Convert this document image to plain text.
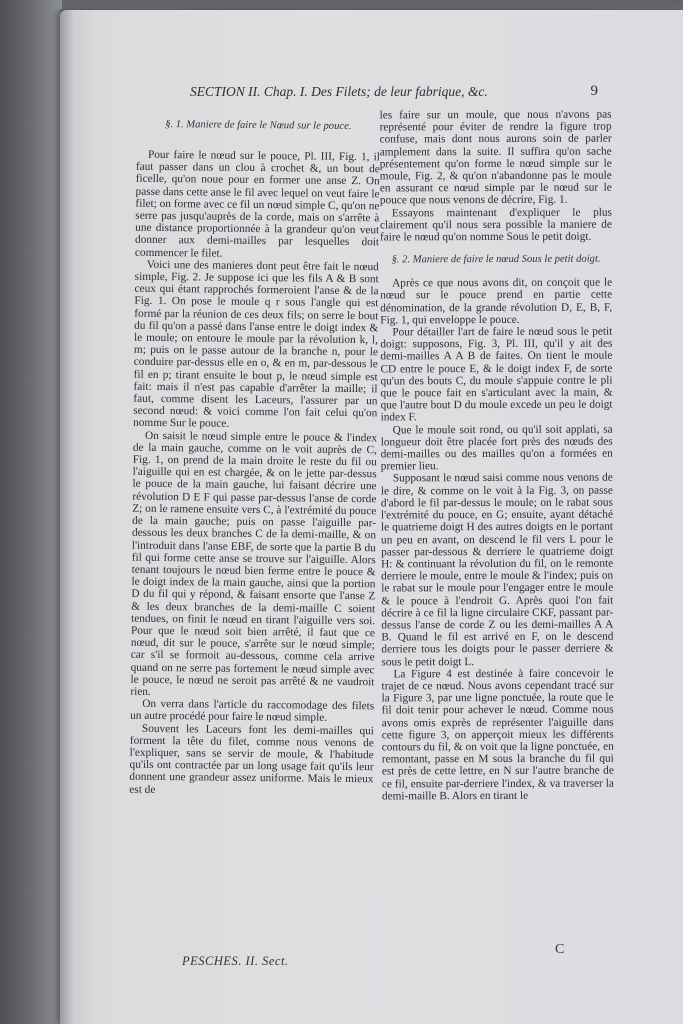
SECTION II. Chap. I. Des Filets; de leur fabrique, &c.	9
§. 1. Maniere de faire le Nœud sur le pouce.

Pour faire le nœud sur le pouce, Pl. III, Fig. 1, il faut passer dans un clou à crochet &, un bout de ficelle, qu'on noue pour en former une anse Z. On passe dans cette anse le fil avec lequel on veut faire le filet; on forme avec ce fil un nœud simple C, qu'on ne serre pas jusqu'auprès de la corde, mais on s'arrête à une distance proportionnée à la grandeur qu'on veut donner aux demi-mailles par lesquelles doit commencer le filet.

Voici une des manieres dont peut être fait le nœud simple, Fig. 2. Je suppose ici que les fils A & B sont ceux qui étant rapprochés formeroient l'anse & de la Fig. 1. On pose le moule q r sous l'angle qui est formé par la réunion de ces deux fils; on serre le bout du fil qu'on a passé dans l'anse entre le doigt index & le moule; on entoure le moule par la révolution k, l, m; puis on le passe autour de la branche n, pour le conduire par-dessus elle en o, & en m, par-dessous le fil en p; tirant ensuite le bout p, le nœud simple est fait: mais il n'est pas capable d'arrêter la maille; il faut, comme disent les Laceurs, l'assurer par un second nœud: & voici comme l'on fait celui qu'on nomme Sur le pouce.

On saisit le nœud simple entre le pouce & l'index de la main gauche, comme on le voit auprès de C, Fig. 1, on prend de la main droite le reste du fil ou l'aiguille qui en est chargée, & on le jette par-dessus le pouce de la main gauche, lui faisant décrire une révolution D E F qui passe par-dessus l'anse de corde Z; on le ramene ensuite vers C, à l'extrémité du pouce de la main gauche; puis on passe l'aiguille par-dessous les deux branches C de la demi-maille, & on l'introduit dans l'anse EBF, de sorte que la partie B du fil qui forme cette anse se trouve sur l'aiguille. Alors tenant toujours le nœud bien ferme entre le pouce & le doigt index de la main gauche, ainsi que la portion D du fil qui y répond, & faisant ensorte que l'anse Z & les deux branches de la demi-maille C soient tendues, on finit le nœud en tirant l'aiguille vers soi. Pour que le nœud soit bien arrêté, il faut que ce nœud, dit sur le pouce, s'arrête sur le nœud simple; car s'il se formoit au-dessous, comme cela arrive quand on ne serre pas fortement le nœud simple avec le pouce, le nœud ne seroit pas arrêté & ne vaudroit rien.

On verra dans l'article du raccomodage des filets un autre procédé pour faire le nœud simple.

Souvent les Laceurs font les demi-mailles qui forment la tête du filet, comme nous venons de l'expliquer, sans se servir de moule, & l'habitude qu'ils ont contractée par un long usage fait qu'ils leur donnent une grandeur assez uniforme. Mais le mieux est de

les faire sur un moule, que nous n'avons pas représenté pour éviter de rendre la figure trop confuse, mais dont nous aurons soin de parler amplement dans la suite. Il suffira qu'on sache présentement qu'on forme le nœud simple sur le moule, Fig. 2, & qu'on n'abandonne pas le moule en assurant ce nœud simple par le nœud sur le pouce que nous venons de décrire, Fig. 1.

Essayons maintenant d'expliquer le plus clairement qu'il nous sera possible la maniere de faire le nœud qu'on nomme Sous le petit doigt.

§. 2. Maniere de faire le nœud Sous le petit doigt.

Après ce que nous avons dit, on conçoit que le nœud sur le pouce prend en partie cette dénomination, de la grande révolution D, E, B, F, Fig. 1, qui enveloppe le pouce.

Pour détailler l'art de faire le nœud sous le petit doigt: supposons, Fig. 3, Pl. III, qu'il y ait des demi-mailles A A B de faites. On tient le moule CD entre le pouce E, & le doigt index F, de sorte qu'un des bouts C, du moule s'appuie contre le pli que le pouce fait en s'articulant avec la main, & que l'autre bout D du moule excede un peu le doigt index F.

Que le moule soit rond, ou qu'il soit applati, sa longueur doit être placée fort près des nœuds des demi-mailles ou des mailles qu'on a formées en premier lieu.

Supposant le nœud saisi comme nous venons de le dire, & comme on le voit à la Fig. 3, on passe d'abord le fil par-dessus le moule; on le rabat sous l'extrémité du pouce, en G; ensuite, ayant détaché le quatrieme doigt H des autres doigts en le portant un peu en avant, on descend le fil vers L pour le passer par-dessous & derriere le quatrieme doigt H: & continuant la révolution du fil, on le remonte derriere le moule, entre le moule & l'index; puis on le rabat sur le moule pour l'engager entre le moule & le pouce à l'endroit G. Après quoi l'on fait décrire à ce fil la ligne circulaire CKF, passant par-dessus l'anse de corde Z ou les demi-mailles A A B. Quand le fil est arrivé en F, on le descend derriere tous les doigts pour le passer derriere & sous le petit doigt L.

La Figure 4 est destinée à faire concevoir le trajet de ce nœud. Nous avons cependant tracé sur la Figure 3, par une ligne ponctuée, la route que le fil doit tenir pour achever le nœud. Comme nous avons omis exprès de représenter l'aiguille dans cette figure 3, on apperçoit mieux les différents contours du fil, & on voit que la ligne ponctuée, en remontant, passe en M sous la branche du fil qui est près de cette lettre, en N sur l'autre branche de ce fil, ensuite par-derriere l'index, & va traverser la demi-maille B. Alors en tirant le

PESCHES. II. Sect.
C
